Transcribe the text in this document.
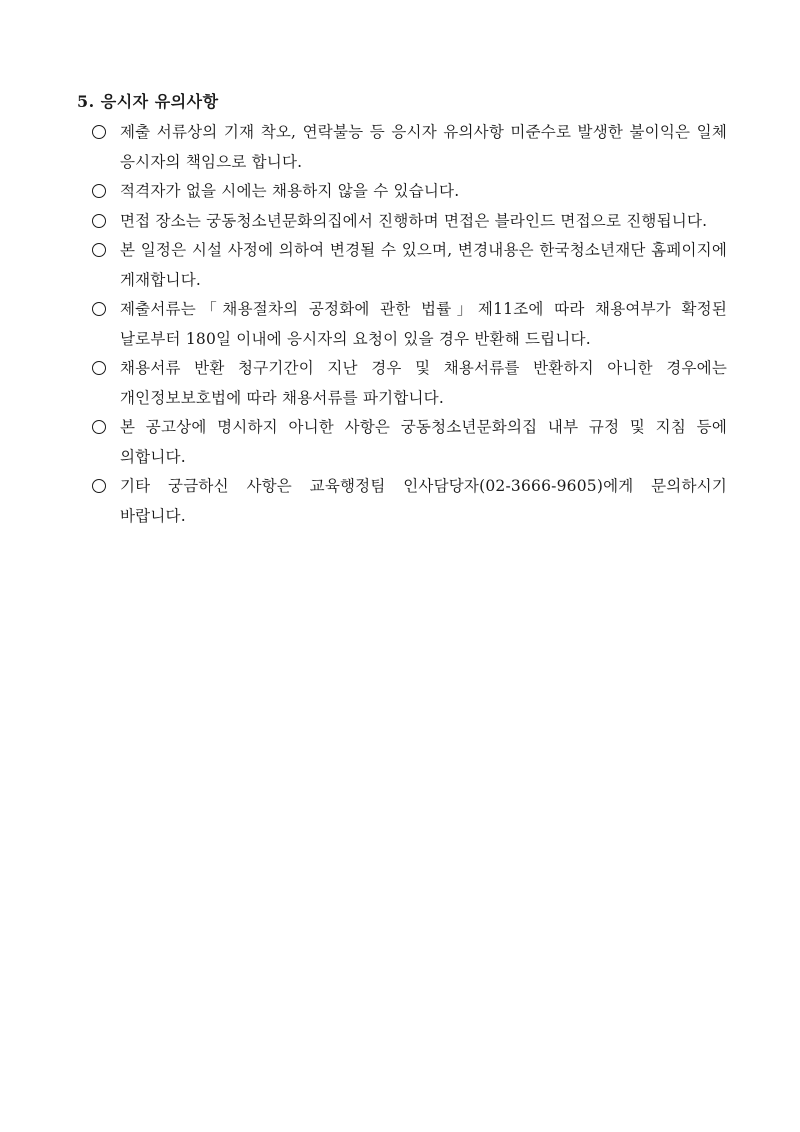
5. 응시자 유의사항
제출 서류상의 기재 착오, 연락불능 등 응시자 유의사항 미준수로 발생한 불이익은 일체 응시자의 책임으로 합니다.
적격자가 없을 시에는 채용하지 않을 수 있습니다.
면접 장소는 궁동청소년문화의집에서 진행하며 면접은 블라인드 면접으로 진행됩니다.
본 일정은 시설 사정에 의하여 변경될 수 있으며, 변경내용은 한국청소년재단 홈페이지에 게재합니다.
제출서류는「채용절차의 공정화에 관한 법률」제11조에 따라 채용여부가 확정된 날로부터 180일 이내에 응시자의 요청이 있을 경우 반환해 드립니다.
채용서류 반환 청구기간이 지난 경우 및 채용서류를 반환하지 아니한 경우에는 개인정보보호법에 따라 채용서류를 파기합니다.
본 공고상에 명시하지 아니한 사항은 궁동청소년문화의집 내부 규정 및 지침 등에 의합니다.
기타 궁금하신 사항은 교육행정팀 인사담당자(02-3666-9605)에게 문의하시기 바랍니다.
